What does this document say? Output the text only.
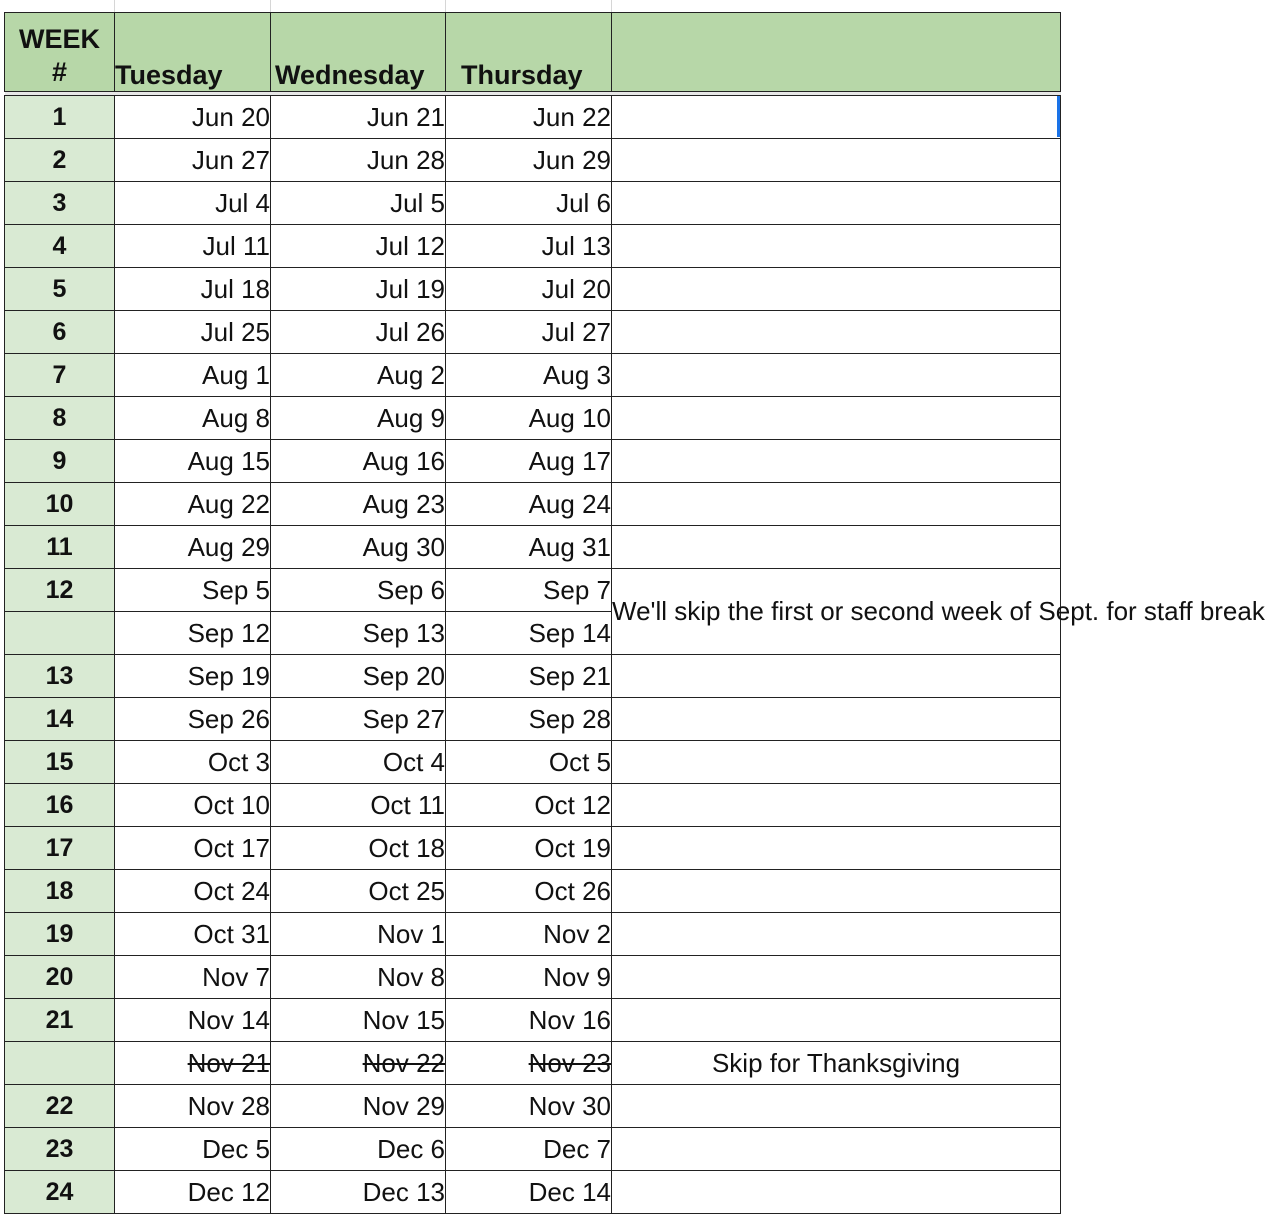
WEEK #	Tuesday	Wednesday	Thursday	

1	Jun 20	Jun 21	Jun 22	
2	Jun 27	Jun 28	Jun 29	
3	Jul 4	Jul 5	Jul 6	
4	Jul 11	Jul 12	Jul 13	
5	Jul 18	Jul 19	Jul 20	
6	Jul 25	Jul 26	Jul 27	
7	Aug 1	Aug 2	Aug 3	
8	Aug 8	Aug 9	Aug 10	
9	Aug 15	Aug 16	Aug 17	
10	Aug 22	Aug 23	Aug 24	
11	Aug 29	Aug 30	Aug 31	
12	Sep 5	Sep 6	Sep 7	We'll skip the first or second week of Sept. for staff break
	Sep 12	Sep 13	Sep 14	
13	Sep 19	Sep 20	Sep 21	
14	Sep 26	Sep 27	Sep 28	
15	Oct 3	Oct 4	Oct 5	
16	Oct 10	Oct 11	Oct 12	
17	Oct 17	Oct 18	Oct 19	
18	Oct 24	Oct 25	Oct 26	
19	Oct 31	Nov 1	Nov 2	
20	Nov 7	Nov 8	Nov 9	
21	Nov 14	Nov 15	Nov 16	
	Nov 21	Nov 22	Nov 23	Skip for Thanksgiving
22	Nov 28	Nov 29	Nov 30	
23	Dec 5	Dec 6	Dec 7	
24	Dec 12	Dec 13	Dec 14	
